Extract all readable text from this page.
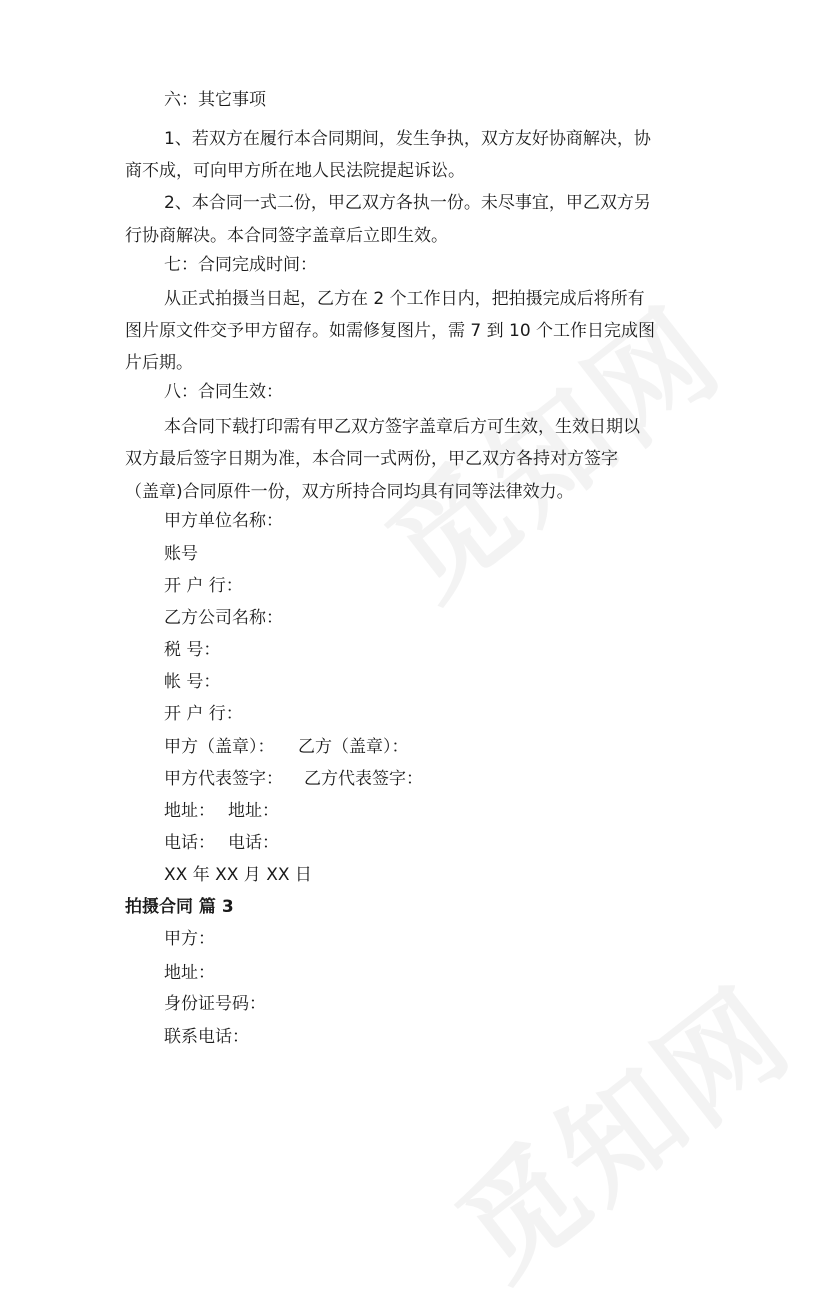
六：其它事项
1、若双方在履行本合同期间，发生争执，双方友好协商解决，协
商不成，可向甲方所在地人民法院提起诉讼。
2、本合同一式二份，甲乙双方各执一份。未尽事宜，甲乙双方另
行协商解决。本合同签字盖章后立即生效。
七：合同完成时间：
从正式拍摄当日起，乙方在 2 个工作日内，把拍摄完成后将所有
图片原文件交予甲方留存。如需修复图片，需 7 到 10 个工作日完成图
片后期。
八：合同生效：
本合同下载打印需有甲乙双方签字盖章后方可生效，生效日期以
双方最后签字日期为准，本合同一式两份，甲乙双方各持对方签字
（盖章)合同原件一份，双方所持合同均具有同等法律效力。
甲方单位名称：
账号
开 户 行：
乙方公司名称：
税 号：
帐 号：
开 户 行：
甲方（盖章）： 乙方（盖章）：
甲方代表签字： 乙方代表签字：
地址： 地址：
电话： 电话：
XX 年 XX 月 XX 日
拍摄合同 篇 3
甲方：
地址：
身份证号码：
联系电话：
